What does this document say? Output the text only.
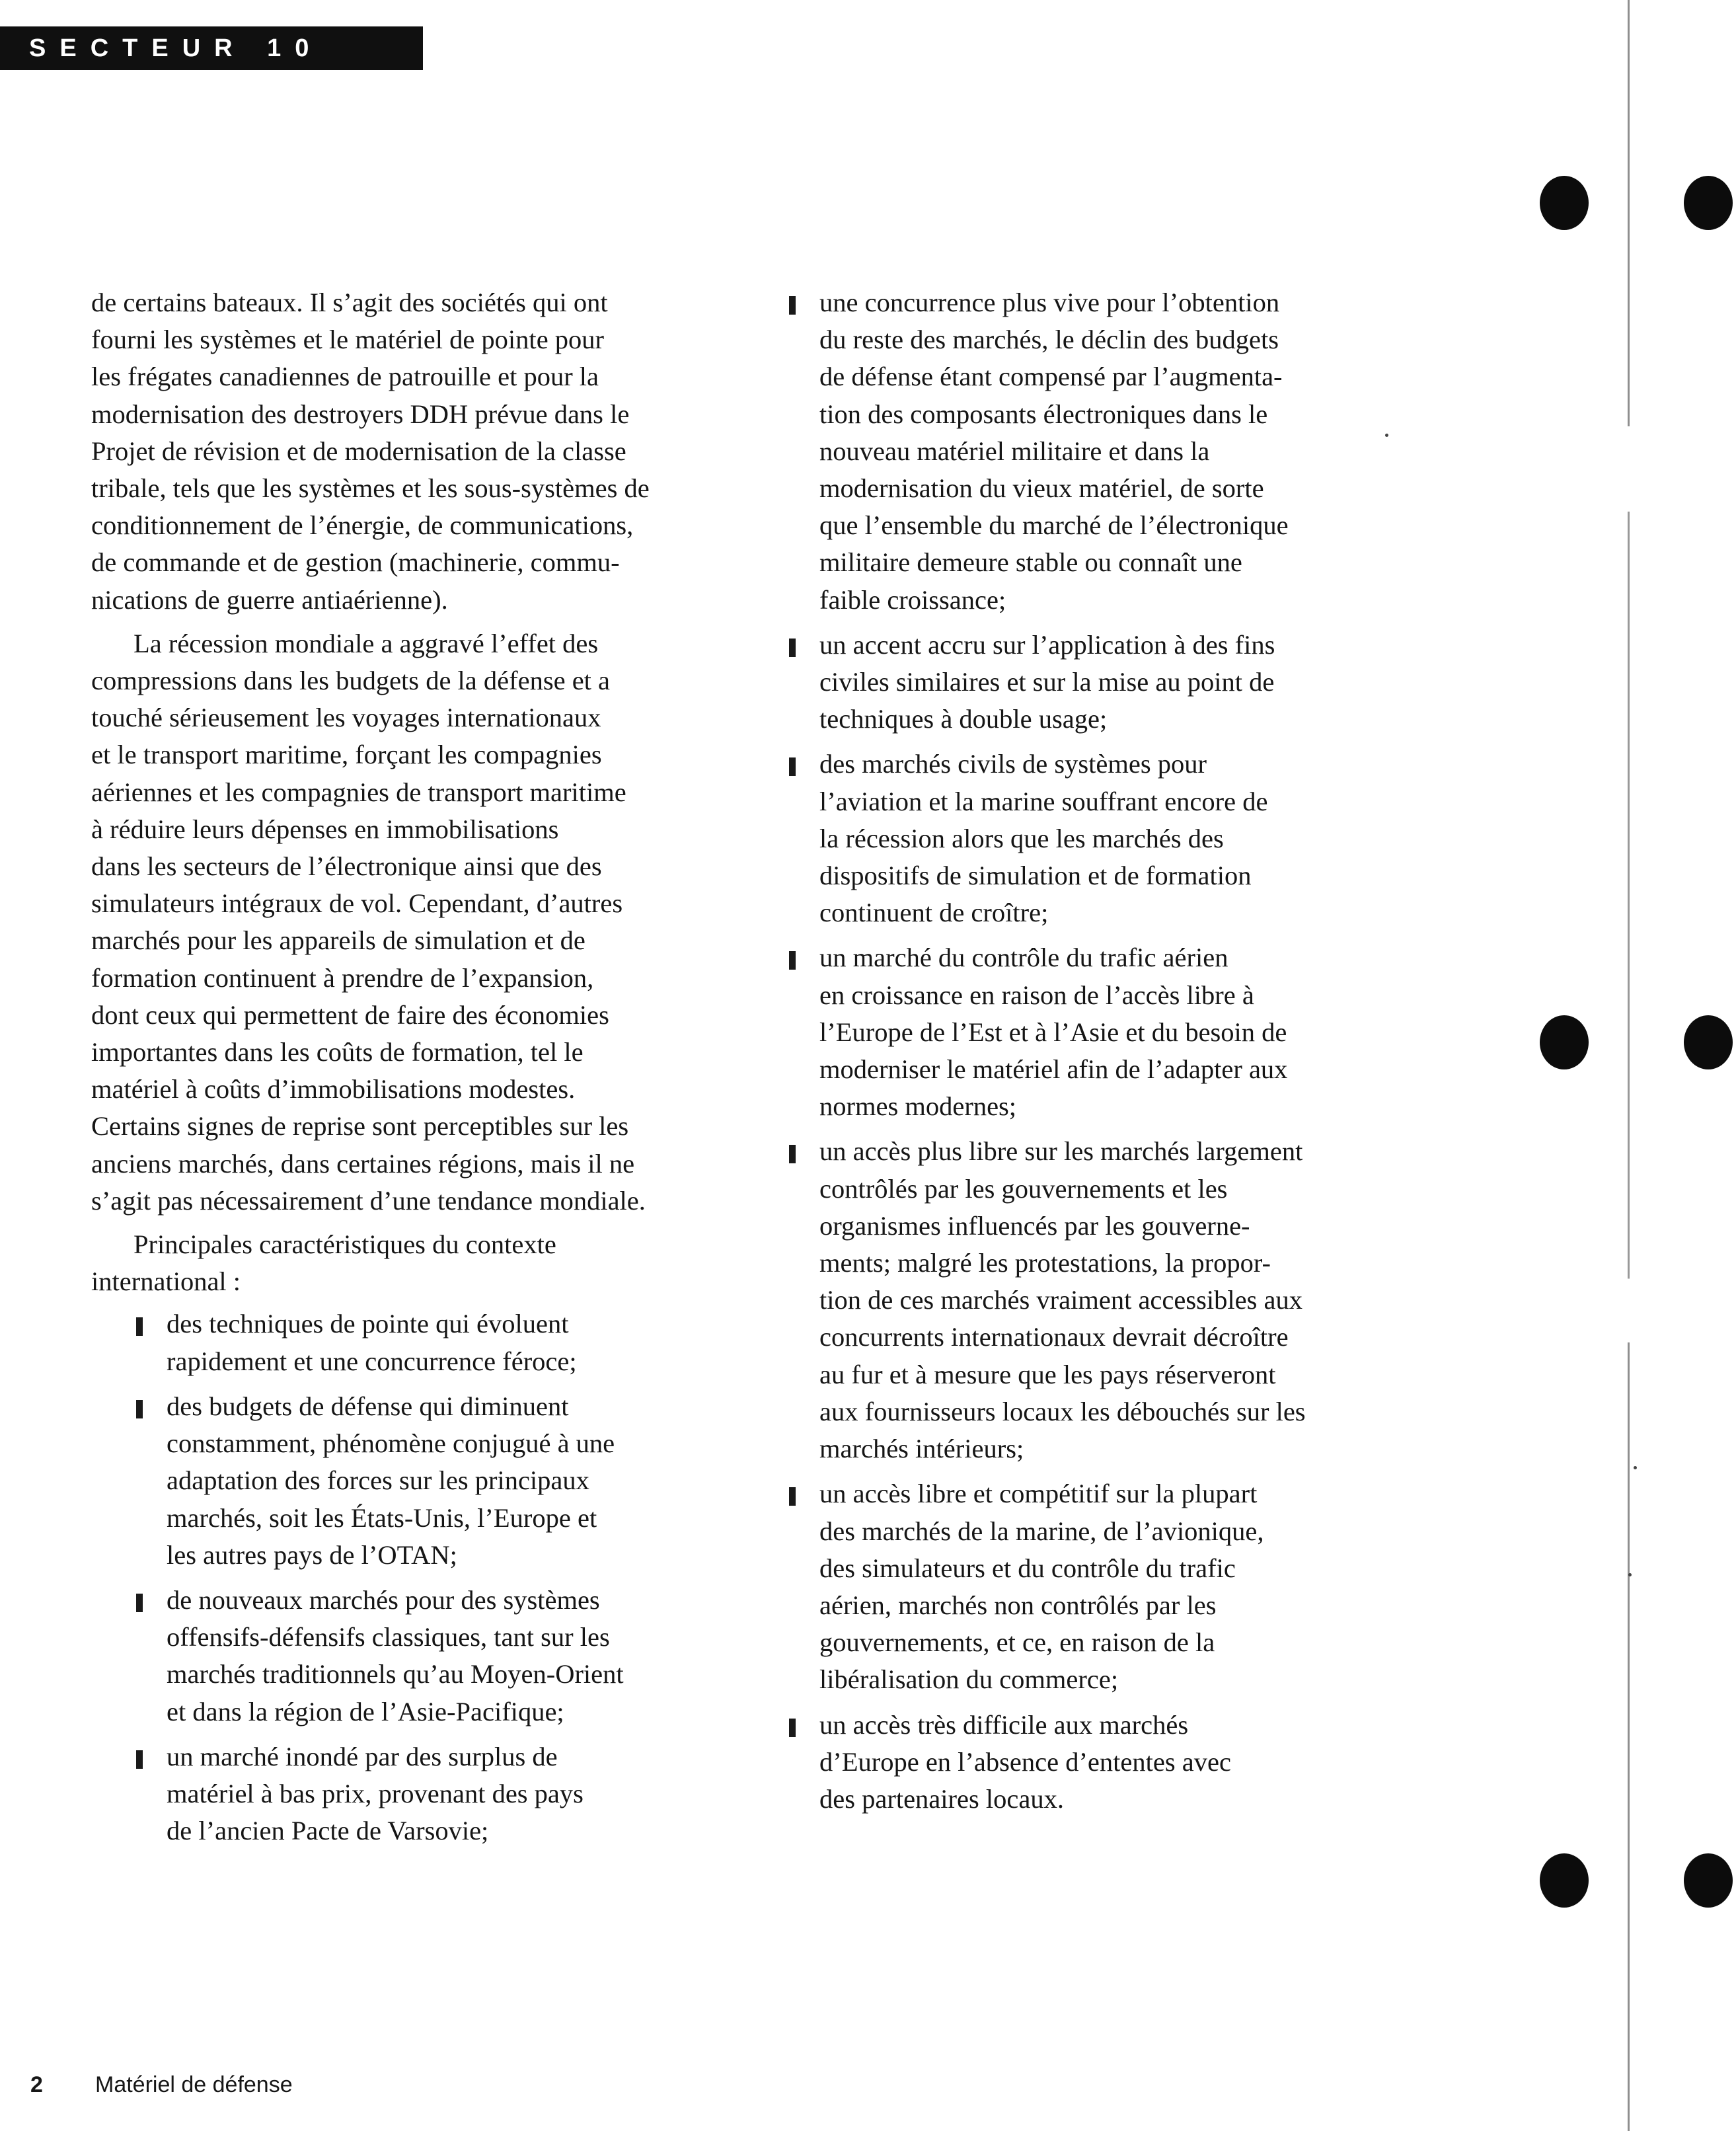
SECTEUR 10

de certains bateaux. Il s’agit des sociétés qui ont
fourni les systèmes et le matériel de pointe pour
les frégates canadiennes de patrouille et pour la
modernisation des destroyers DDH prévue dans le
Projet de révision et de modernisation de la classe
tribale, tels que les systèmes et les sous-systèmes de
conditionnement de l’énergie, de communications,
de commande et de gestion (machinerie, commu-
nications de guerre antiaérienne).

La récession mondiale a aggravé l’effet des
compressions dans les budgets de la défense et a
touché sérieusement les voyages internationaux
et le transport maritime, forçant les compagnies
aériennes et les compagnies de transport maritime
à réduire leurs dépenses en immobilisations
dans les secteurs de l’électronique ainsi que des
simulateurs intégraux de vol. Cependant, d’autres
marchés pour les appareils de simulation et de
formation continuent à prendre de l’expansion,
dont ceux qui permettent de faire des économies
importantes dans les coûts de formation, tel le
matériel à coûts d’immobilisations modestes.
Certains signes de reprise sont perceptibles sur les
anciens marchés, dans certaines régions, mais il ne
s’agit pas nécessairement d’une tendance mondiale.

Principales caractéristiques du contexte
international :

des techniques de pointe qui évoluent
rapidement et une concurrence féroce;
des budgets de défense qui diminuent
constamment, phénomène conjugué à une
adaptation des forces sur les principaux
marchés, soit les États-Unis, l’Europe et
les autres pays de l’OTAN;
de nouveaux marchés pour des systèmes
offensifs-défensifs classiques, tant sur les
marchés traditionnels qu’au Moyen-Orient
et dans la région de l’Asie-Pacifique;
un marché inondé par des surplus de
matériel à bas prix, provenant des pays
de l’ancien Pacte de Varsovie;
une concurrence plus vive pour l’obtention
du reste des marchés, le déclin des budgets
de défense étant compensé par l’augmenta-
tion des composants électroniques dans le
nouveau matériel militaire et dans la
modernisation du vieux matériel, de sorte
que l’ensemble du marché de l’électronique
militaire demeure stable ou connaît une
faible croissance;
un accent accru sur l’application à des fins
civiles similaires et sur la mise au point de
techniques à double usage;
des marchés civils de systèmes pour
l’aviation et la marine souffrant encore de
la récession alors que les marchés des
dispositifs de simulation et de formation
continuent de croître;
un marché du contrôle du trafic aérien
en croissance en raison de l’accès libre à
l’Europe de l’Est et à l’Asie et du besoin de
moderniser le matériel afin de l’adapter aux
normes modernes;
un accès plus libre sur les marchés largement
contrôlés par les gouvernements et les
organismes influencés par les gouverne-
ments; malgré les protestations, la propor-
tion de ces marchés vraiment accessibles aux
concurrents internationaux devrait décroître
au fur et à mesure que les pays réserveront
aux fournisseurs locaux les débouchés sur les
marchés intérieurs;
un accès libre et compétitif sur la plupart
des marchés de la marine, de l’avionique,
des simulateurs et du contrôle du trafic
aérien, marchés non contrôlés par les
gouvernements, et ce, en raison de la
libéralisation du commerce;
un accès très difficile aux marchés
d’Europe en l’absence d’ententes avec
des partenaires locaux.
2 Matériel de défense
